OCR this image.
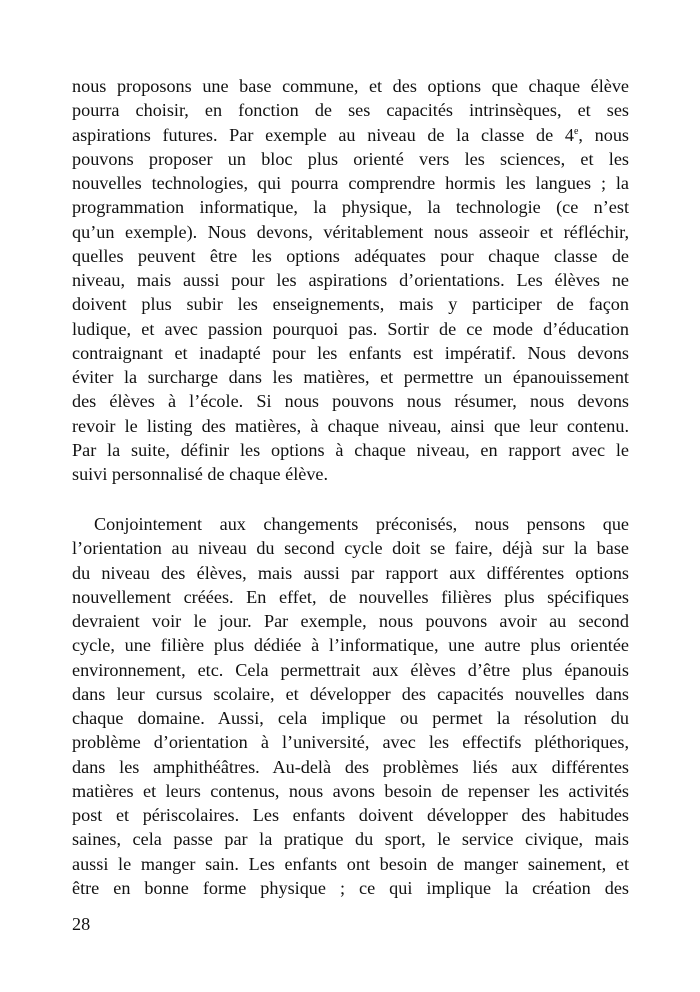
nous proposons une base commune, et des options que chaque élève
pourra choisir, en fonction de ses capacités intrinsèques, et ses
aspirations futures. Par exemple au niveau de la classe de 4e, nous
pouvons proposer un bloc plus orienté vers les sciences, et les
nouvelles technologies, qui pourra comprendre hormis les langues ; la
programmation informatique, la physique, la technologie (ce n’est
qu’un exemple). Nous devons, véritablement nous asseoir et réfléchir,
quelles peuvent être les options adéquates pour chaque classe de
niveau, mais aussi pour les aspirations d’orientations. Les élèves ne
doivent plus subir les enseignements, mais y participer de façon
ludique, et avec passion pourquoi pas. Sortir de ce mode d’éducation
contraignant et inadapté pour les enfants est impératif. Nous devons
éviter la surcharge dans les matières, et permettre un épanouissement
des élèves à l’école. Si nous pouvons nous résumer, nous devons
revoir le listing des matières, à chaque niveau, ainsi que leur contenu.
Par la suite, définir les options à chaque niveau, en rapport avec le
suivi personnalisé de chaque élève.
Conjointement aux changements préconisés, nous pensons que
l’orientation au niveau du second cycle doit se faire, déjà sur la base
du niveau des élèves, mais aussi par rapport aux différentes options
nouvellement créées. En effet, de nouvelles filières plus spécifiques
devraient voir le jour. Par exemple, nous pouvons avoir au second
cycle, une filière plus dédiée à l’informatique, une autre plus orientée
environnement, etc. Cela permettrait aux élèves d’être plus épanouis
dans leur cursus scolaire, et développer des capacités nouvelles dans
chaque domaine. Aussi, cela implique ou permet la résolution du
problème d’orientation à l’université, avec les effectifs pléthoriques,
dans les amphithéâtres. Au-delà des problèmes liés aux différentes
matières et leurs contenus, nous avons besoin de repenser les activités
post et périscolaires. Les enfants doivent développer des habitudes
saines, cela passe par la pratique du sport, le service civique, mais
aussi le manger sain. Les enfants ont besoin de manger sainement, et
être en bonne forme physique ; ce qui implique la création des
28
